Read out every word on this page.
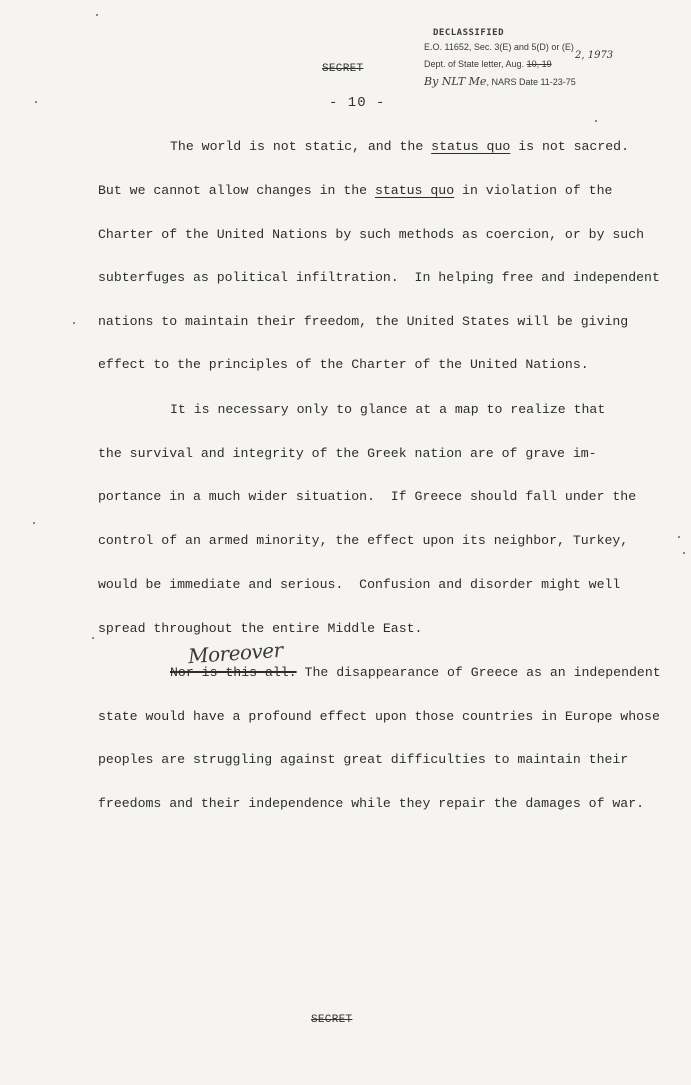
DECLASSIFIED
E.O. 11652, Sec. 3(E) and 5(D) or (E)
Dept. of State letter, Aug. 10, 19
2, 1973
By NLT Me, NARS Date 11-23-75
SECRET
- 10 -
The world is not static, and the status quo is not sacred.
But we cannot allow changes in the status quo in violation of the
Charter of the United Nations by such methods as coercion, or by such
subterfuges as political infiltration.  In helping free and independent
nations to maintain their freedom, the United States will be giving
effect to the principles of the Charter of the United Nations.
It is necessary only to glance at a map to realize that
the survival and integrity of the Greek nation are of grave im-
portance in a much wider situation.  If Greece should fall under the
control of an armed minority, the effect upon its neighbor, Turkey,
would be immediate and serious.  Confusion and disorder might well
spread throughout the entire Middle East.
Moreover
Nor is this all. The disappearance of Greece as an independent
state would have a profound effect upon those countries in Europe whose
peoples are struggling against great difficulties to maintain their
freedoms and their independence while they repair the damages of war.
SECRET
